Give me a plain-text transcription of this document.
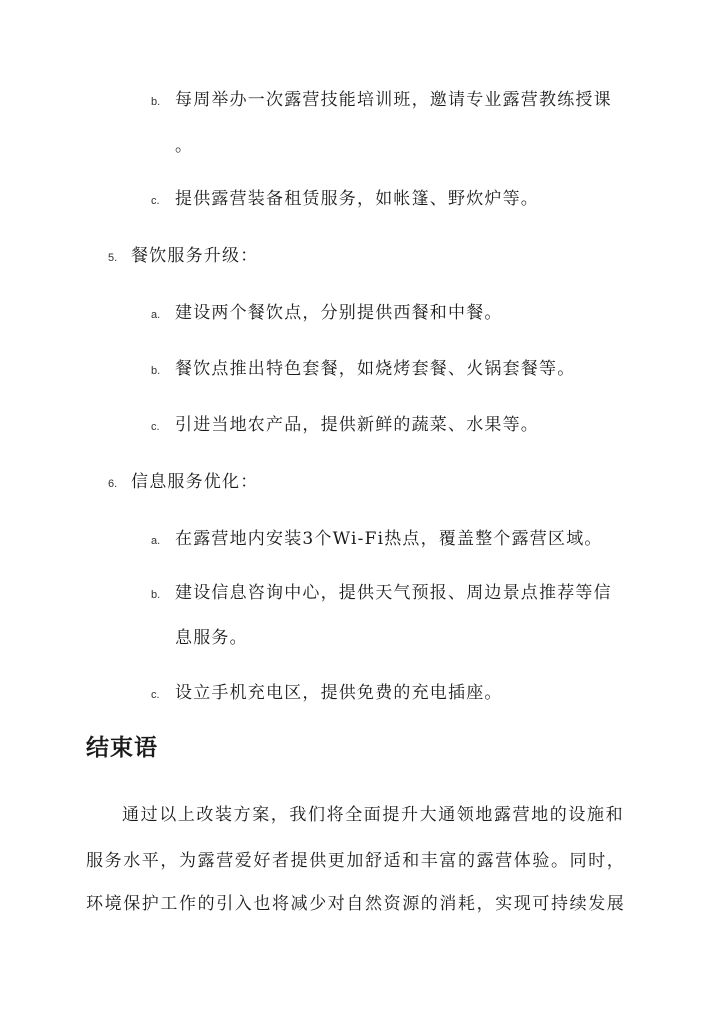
b. 每周举办一次露营技能培训班，邀请专业露营教练授课
。
c. 提供露营装备租赁服务，如帐篷、野炊炉等。
5. 餐饮服务升级：
a. 建设两个餐饮点，分别提供西餐和中餐。
b. 餐饮点推出特色套餐，如烧烤套餐、火锅套餐等。
c. 引进当地农产品，提供新鲜的蔬菜、水果等。
6. 信息服务优化：
a. 在露营地内安装3个Wi-Fi热点，覆盖整个露营区域。
b. 建设信息咨询中心，提供天气预报、周边景点推荐等信
息服务。
c. 设立手机充电区，提供免费的充电插座。
结束语
通过以上改装方案，我们将全面提升大通领地露营地的设施和
服务水平，为露营爱好者提供更加舒适和丰富的露营体验。同时，
环境保护工作的引入也将减少对自然资源的消耗，实现可持续发展
